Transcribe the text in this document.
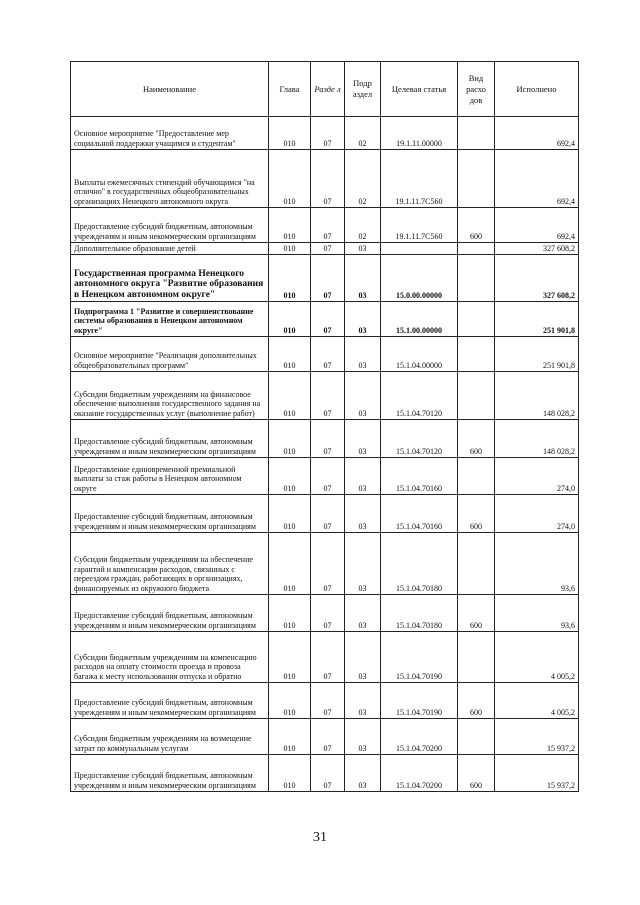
Наименование	Глава	Разде л	Подр аздел	Целевая статья	Вид расхо дов	Исполнено
Основное мероприятие "Предоставление мер социальной поддержки учащимся и студентам"	010	07	02	19.1.11.00000		692,4
Выплаты ежемесячных стипендий обучающимся "на отлично" в государственных общеобразовательных организациях Ненецкого автономного округа	010	07	02	19.1.11.7С560		692,4
Предоставление субсидий бюджетным, автономным учреждениям и иным некоммерческим организациям	010	07	02	19.1.11.7С560	600	692,4
Дополнительное образование детей	010	07	03			327 608,2
Государственная программа Ненецкого автономного округа "Развитие образования в Ненецком автономном округе"	010	07	03	15.0.00.00000		327 608,2
Подпрограмма 1 "Развитие и совершенствование системы образования в Ненецком автономном округе"	010	07	03	15.1.00.00000		251 901,8
Основное мероприятие "Реализация дополнительных общеобразовательных программ"	010	07	03	15.1.04.00000		251 901,8
Субсидии бюджетным учреждениям на финансовое обеспечение выполнения государственного задания на оказание государственных услуг (выполнение работ)	010	07	03	15.1.04.70120		148 028,2
Предоставление субсидий бюджетным, автономным учреждениям и иным некоммерческим организациям	010	07	03	15.1.04.70120	600	148 028,2
Предоставление единовременной премиальной выплаты за стаж работы в Ненецком автономном округе	010	07	03	15.1.04.70160		274,0
Предоставление субсидий бюджетным, автономным учреждениям и иным некоммерческим организациям	010	07	03	15.1.04.70160	600	274,0
Субсидии бюджетным учреждениям на обеспечение гарантий и компенсации расходов, связанных с переездом граждан, работающих в организациях, финансируемых из окружного бюджета	010	07	03	15.1.04.70180		93,6
Предоставление субсидий бюджетным, автономным учреждениям и иным некоммерческим организациям	010	07	03	15.1.04.70180	600	93,6
Субсидии бюджетным учреждениям на компенсацию расходов на оплату стоимости проезда и провоза багажа к месту использования отпуска и обратно	010	07	03	15.1.04.70190		4 005,2
Предоставление субсидий бюджетным, автономным учреждениям и иным некоммерческим организациям	010	07	03	15.1.04.70190	600	4 005,2
Субсидии бюджетным учреждениям на возмещение затрат по коммунальным услугам	010	07	03	15.1.04.70200		15 937,2
Предоставление субсидий бюджетным, автономным учреждениям и иным некоммерческим организациям	010	07	03	15.1.04.70200	600	15 937,2
31
